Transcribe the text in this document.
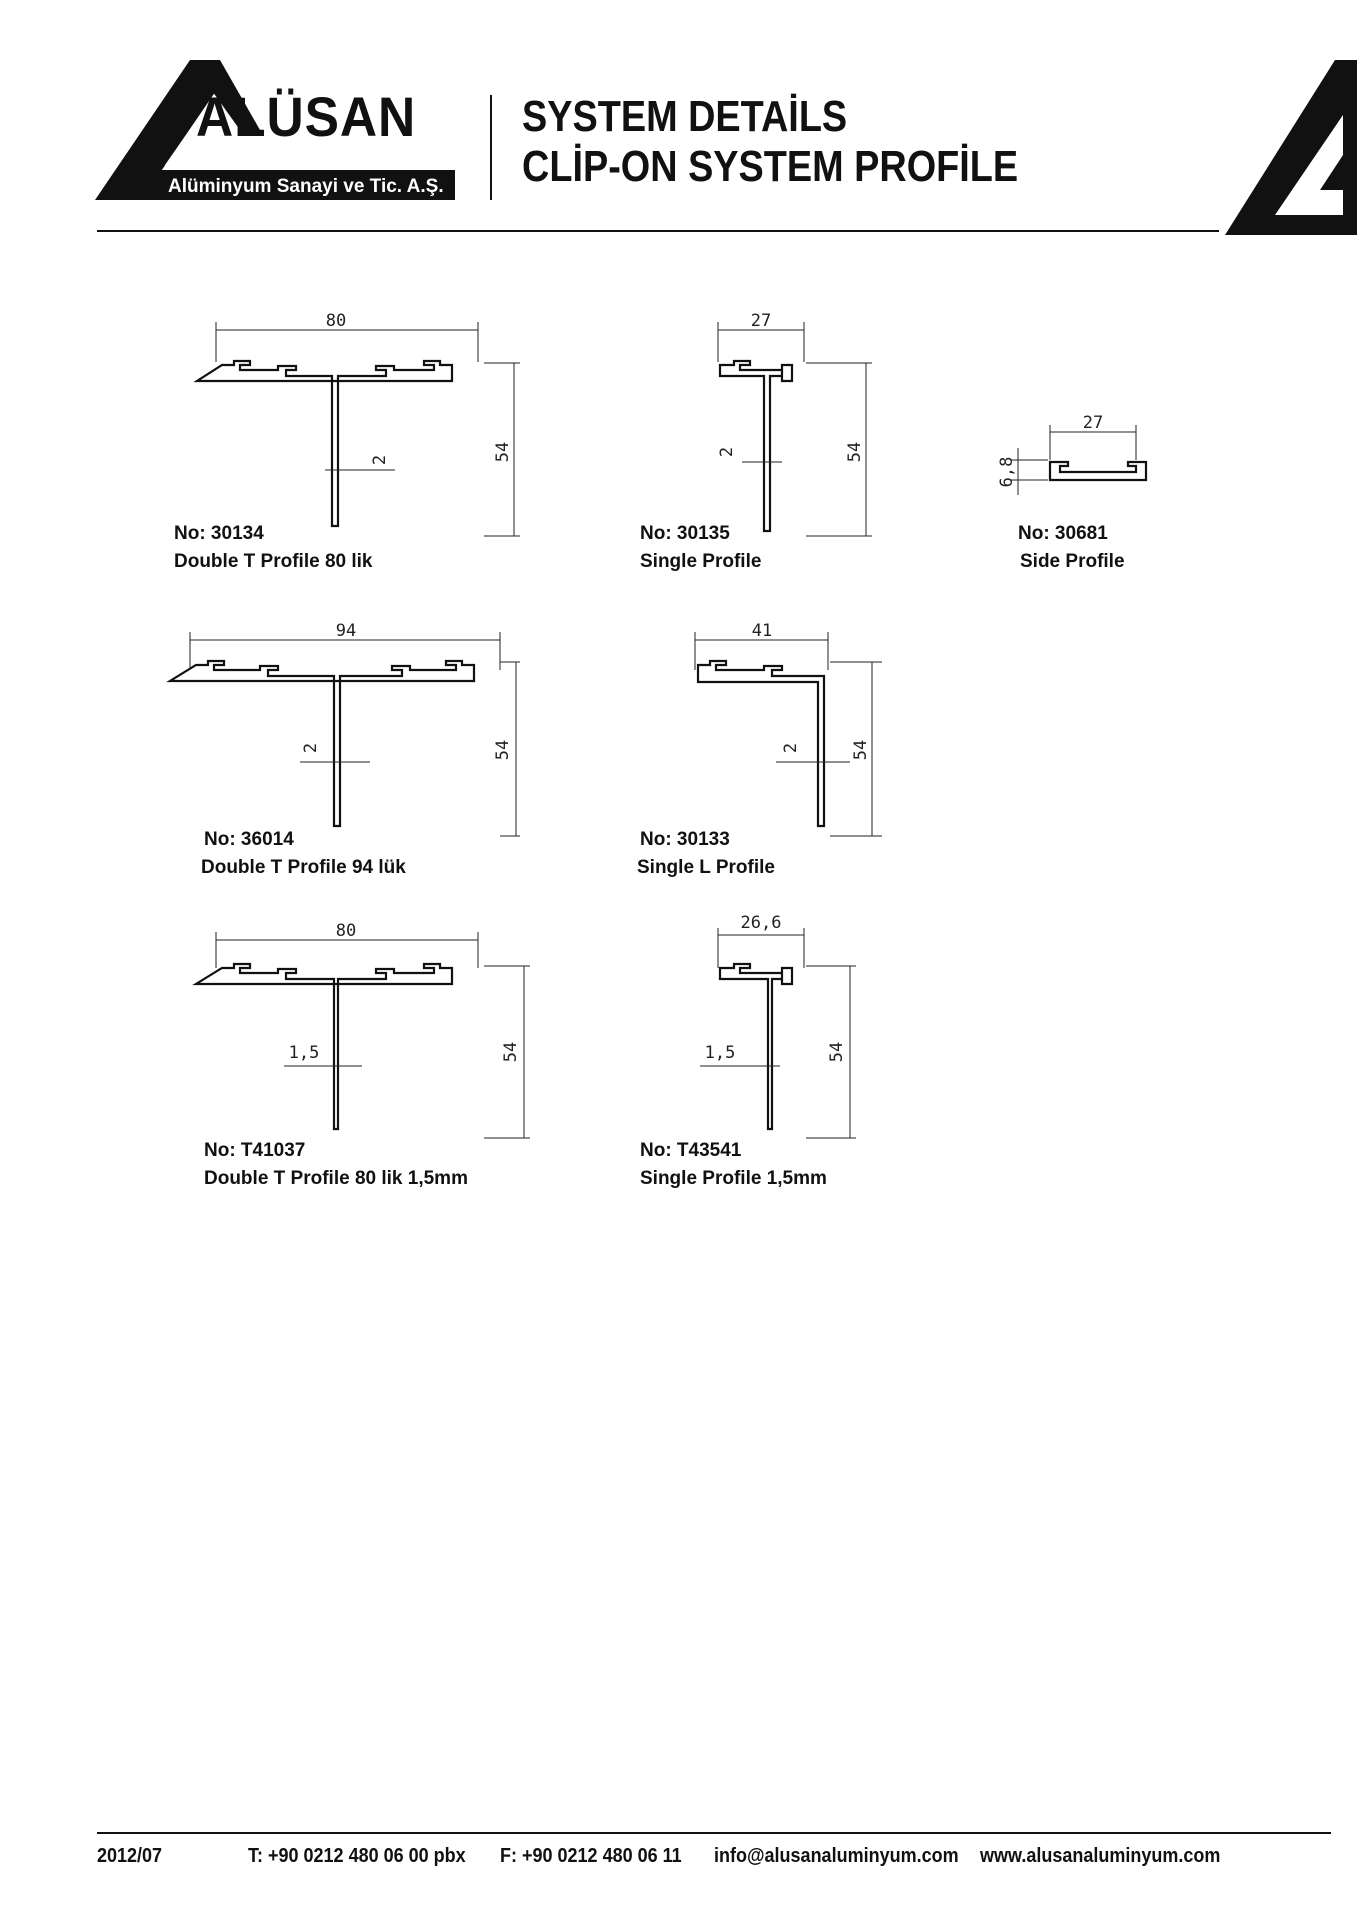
ALÜSAN
Alüminyum Sanayi ve Tic. A.Ş.
SYSTEM DETAİLS
CLİP-ON SYSTEM PROFİLE
80
54
2
27
54
2
27
6,8
94
54
2
41
54
2
80
54
1,5
26,6
54
1,5
No: 30134
Double T Profile 80 lik
No: 30135
Single Profile
No: 30681
Side Profile
No: 36014
Double T Profile 94 lük
No: 30133
Single L Profile
No: T41037
Double T Profile 80 lik 1,5mm
No: T43541
Single Profile 1,5mm
2012/07	T: +90 0212 480 06 00 pbx F: +90 0212 480 06 11 info@alusanaluminyum.com www.alusanaluminyum.com
